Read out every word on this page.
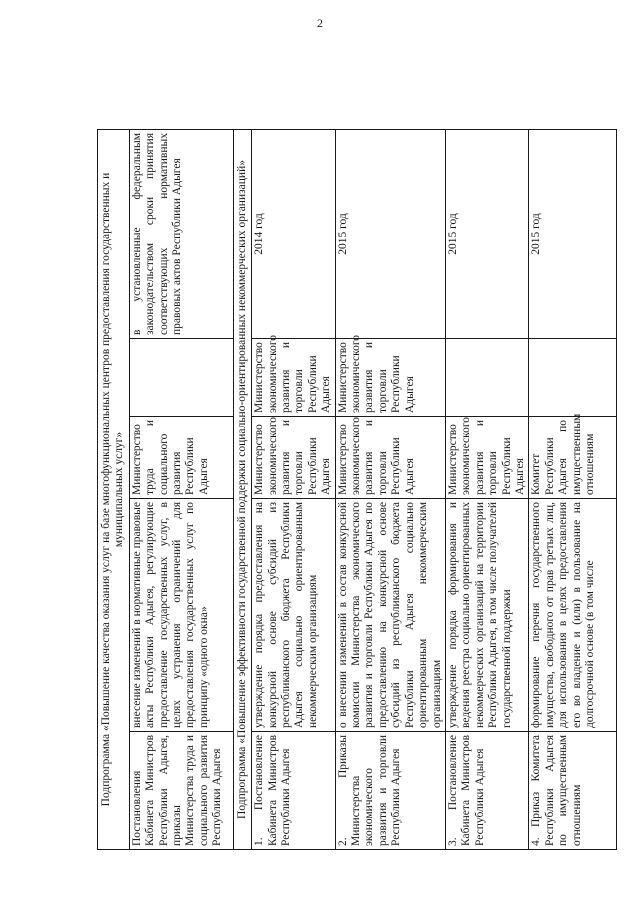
2
Подпрограмма «Повышение качества оказания услуг на базе многофункциональных центров предоставления государственных и муниципальных услуг»				
Постановления Кабинета Министров Республики Адыгея, приказы Министерства труда и социального развития Республики Адыгея	внесение изменений в нормативные правовые акты Республики Адыгея, регулирующие предоставление государственных услуг, в целях устранения ограничений для предоставления государственных услуг по принципу «одного окна»	Министерство труда и социального развития Республики Адыгея		в установленные федеральным законодательством сроки принятия соответствующих нормативных правовых актов Республики Адыгея
Подпрограмма «Повышение эффективности государственной поддержки социально-ориентированных некоммерческих организаций»				
1. Постановление Кабинета Министров Республики Адыгея	утверждение порядка предоставления на конкурсной основе субсидий из республиканского бюджета Республики Адыгея социально ориентированным некоммерческим организациям	Министерство экономического развития и торговли Республики Адыгея	Министерство экономического развития и торговли Республики Адыгея	2014 год
2. Приказы Министерства экономического развития и торговли Республики Адыгея	о внесении изменений в состав конкурсной комиссии Министерства экономического развития и торговли Республики Адыгея по предоставлению на конкурсной основе субсидий из республиканского бюджета Республики Адыгея социально ориентированным некоммерческим организациям	Министерство экономического развития и торговли Республики Адыгея	Министерство экономического развития и торговли Республики Адыгея	2015 год
3. Постановление Кабинета Министров Республики Адыгея	утверждение порядка формирования и ведения реестра социально ориентированных некоммерческих организаций на территории Республики Адыгея, в том числе получателей государственной поддержки	Министерство экономического развития и торговли Республики Адыгея		2015 год
4. Приказ Комитета Республики Адыгея по имущественным отношениям	формирование перечня государственного имущества, свободного от прав третьих лиц, для использования в целях предоставления его во владение и (или) в пользование на долгосрочной основе (в том числе	Комитет Республики Адыгея по имущественным отношениям		2015 год
